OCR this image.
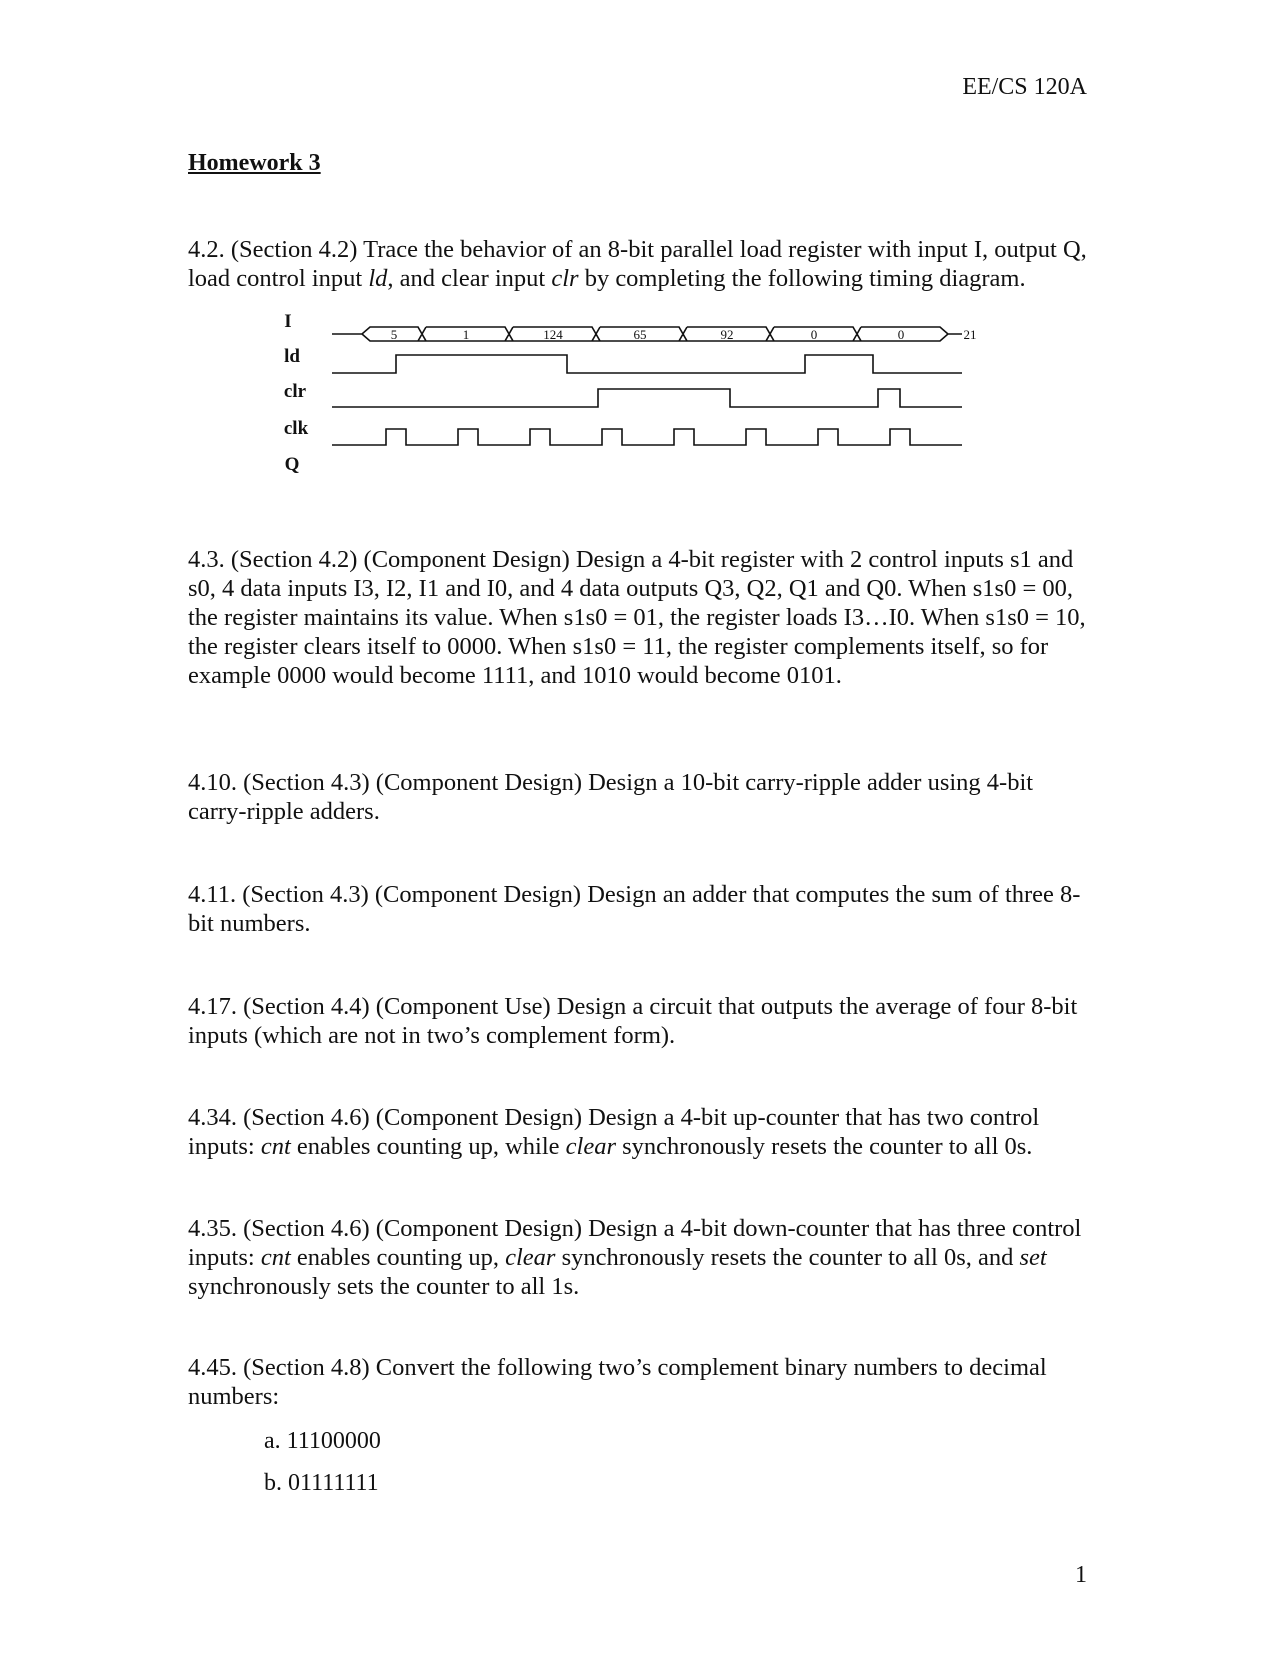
EE/CS 120A
Homework 3
4.2. (Section 4.2) Trace the behavior of an 8-bit parallel load register with input I, output Q, load control input ld, and clear input clr by completing the following timing diagram.
I
ld
clr
clk
Q
5	1	124	65	92	0	0	21
4.3. (Section 4.2) (Component Design) Design a 4-bit register with 2 control inputs s1 and s0, 4 data inputs I3, I2, I1 and I0, and 4 data outputs Q3, Q2, Q1 and Q0. When s1s0 = 00, the register maintains its value. When s1s0 = 01, the register loads I3…I0. When s1s0 = 10, the register clears itself to 0000. When s1s0 = 11, the register complements itself, so for example 0000 would become 1111, and 1010 would become 0101.
4.10. (Section 4.3) (Component Design) Design a 10-bit carry-ripple adder using 4-bit carry-ripple adders.
4.11. (Section 4.3) (Component Design) Design an adder that computes the sum of three 8-bit numbers.
4.17. (Section 4.4) (Component Use) Design a circuit that outputs the average of four 8-bit inputs (which are not in two’s complement form).
4.34. (Section 4.6) (Component Design) Design a 4-bit up-counter that has two control inputs: cnt enables counting up, while clear synchronously resets the counter to all 0s.
4.35. (Section 4.6) (Component Design) Design a 4-bit down-counter that has three control inputs: cnt enables counting up, clear synchronously resets the counter to all 0s, and set synchronously sets the counter to all 1s.
4.45. (Section 4.8) Convert the following two’s complement binary numbers to decimal numbers:
a. 11100000
b. 01111111
1
